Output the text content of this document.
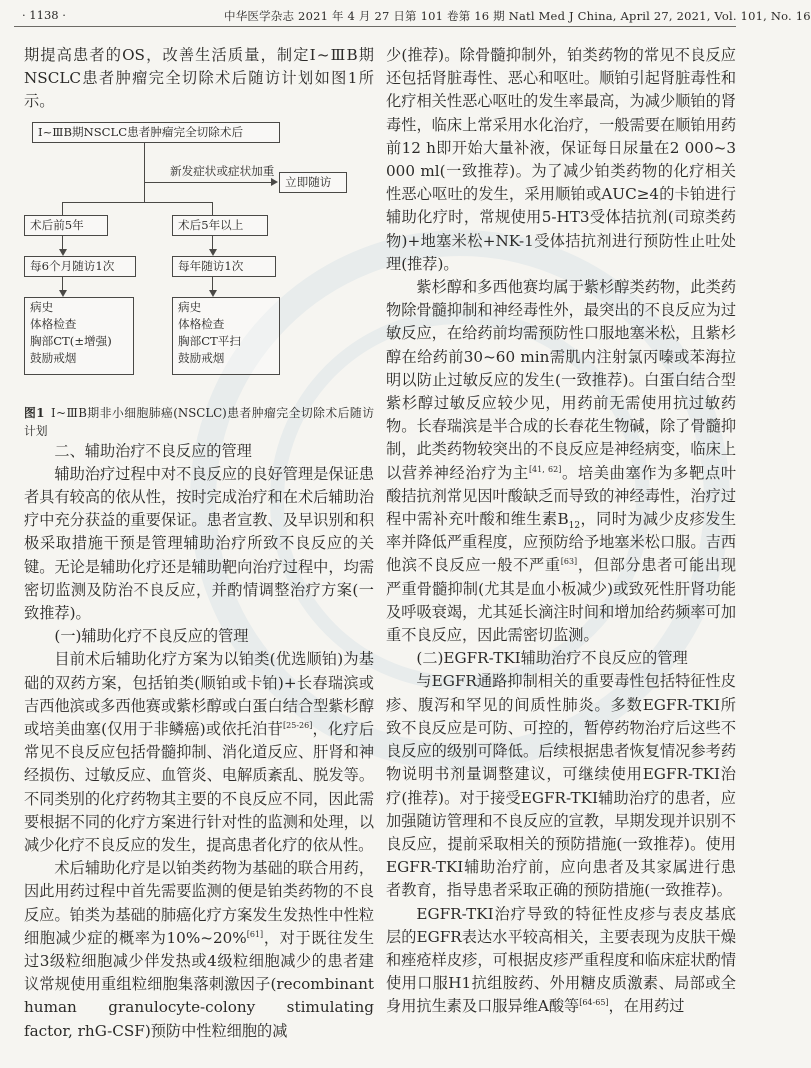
· 1138 ·	中华医学杂志 2021 年 4 月 27 日第 101 卷第 16 期 Natl Med J China, April 27, 2021, Vol. 101, No. 16

期提高患者的OS，改善生活质量，制定Ⅰ~ⅢB期NSCLC患者肿瘤完全切除术后随访计划如图1所示。

Ⅰ~ⅢB期NSCLC患者肿瘤完全切除术后
新发症状或症状加重
立即随访
术后前5年	术后5年以上
每6个月随访1次	每年随访1次
病史
体格检查
胸部CT(±增强)
鼓励戒烟
病史
体格检查
胸部CT平扫
鼓励戒烟

图1 Ⅰ~ⅢB期非小细胞肺癌(NSCLC)患者肿瘤完全切除术后随访计划

二、辅助治疗不良反应的管理

辅助治疗过程中对不良反应的良好管理是保证患者具有较高的依从性，按时完成治疗和在术后辅助治疗中充分获益的重要保证。患者宣教、及早识别和积极采取措施干预是管理辅助治疗所致不良反应的关键。无论是辅助化疗还是辅助靶向治疗过程中，均需密切监测及防治不良反应，并酌情调整治疗方案(一致推荐)。

(一)辅助化疗不良反应的管理

目前术后辅助化疗方案为以铂类(优选顺铂)为基础的双药方案，包括铂类(顺铂或卡铂)+长春瑞滨或吉西他滨或多西他赛或紫杉醇或白蛋白结合型紫杉醇或培美曲塞(仅用于非鳞癌)或依托泊苷[25-26]，化疗后常见不良反应包括骨髓抑制、消化道反应、肝肾和神经损伤、过敏反应、血管炎、电解质紊乱、脱发等。不同类别的化疗药物其主要的不良反应不同，因此需要根据不同的化疗方案进行针对性的监测和处理，以减少化疗不良反应的发生，提高患者化疗的依从性。

术后辅助化疗是以铂类药物为基础的联合用药，因此用药过程中首先需要监测的便是铂类药物的不良反应。铂类为基础的肺癌化疗方案发生发热性中性粒细胞减少症的概率为10%~20%[61]，对于既往发生过3级粒细胞减少伴发热或4级粒细胞减少的患者建议常规使用重组粒细胞集落刺激因子(recombinant human granulocyte-colony stimulating factor, rhG-CSF)预防中性粒细胞的减

少(推荐)。除骨髓抑制外，铂类药物的常见不良反应还包括肾脏毒性、恶心和呕吐。顺铂引起肾脏毒性和化疗相关性恶心呕吐的发生率最高，为减少顺铂的肾毒性，临床上常采用水化治疗，一般需要在顺铂用药前12 h即开始大量补液，保证每日尿量在2 000~3 000 ml(一致推荐)。为了减少铂类药物的化疗相关性恶心呕吐的发生，采用顺铂或AUC≥4的卡铂进行辅助化疗时，常规使用5-HT3受体拮抗剂(司琼类药物)+地塞米松+NK-1受体拮抗剂进行预防性止吐处理(推荐)。

紫杉醇和多西他赛均属于紫杉醇类药物，此类药物除骨髓抑制和神经毒性外，最突出的不良反应为过敏反应，在给药前均需预防性口服地塞米松，且紫杉醇在给药前30~60 min需肌内注射氯丙嗪或苯海拉明以防止过敏反应的发生(一致推荐)。白蛋白结合型紫杉醇过敏反应较少见，用药前无需使用抗过敏药物。长春瑞滨是半合成的长春花生物碱，除了骨髓抑制，此类药物较突出的不良反应是神经病变，临床上以营养神经治疗为主[41, 62]。培美曲塞作为多靶点叶酸拮抗剂常见因叶酸缺乏而导致的神经毒性，治疗过程中需补充叶酸和维生素$B_{12}$，同时为减少皮疹发生率并降低严重程度，应预防给予地塞米松口服。吉西他滨不良反应一般不严重[63]，但部分患者可能出现严重骨髓抑制(尤其是血小板减少)或致死性肝肾功能及呼吸衰竭，尤其延长滴注时间和增加给药频率可加重不良反应，因此需密切监测。

(二)EGFR-TKI辅助治疗不良反应的管理

与EGFR通路抑制相关的重要毒性包括特征性皮疹、腹泻和罕见的间质性肺炎。多数EGFR-TKI所致不良反应是可防、可控的，暂停药物治疗后这些不良反应的级别可降低。后续根据患者恢复情况参考药物说明书剂量调整建议，可继续使用EGFR-TKI治疗(推荐)。对于接受EGFR-TKI辅助治疗的患者，应加强随访管理和不良反应的宣教，早期发现并识别不良反应，提前采取相关的预防措施(一致推荐)。使用EGFR-TKI辅助治疗前，应向患者及其家属进行患者教育，指导患者采取正确的预防措施(一致推荐)。

EGFR-TKI治疗导致的特征性皮疹与表皮基底层的EGFR表达水平较高相关，主要表现为皮肤干燥和痤疮样皮疹，可根据皮疹严重程度和临床症状酌情使用口服H1抗组胺药、外用糖皮质激素、局部或全身用抗生素及口服异维A酸等[64-65]，在用药过
